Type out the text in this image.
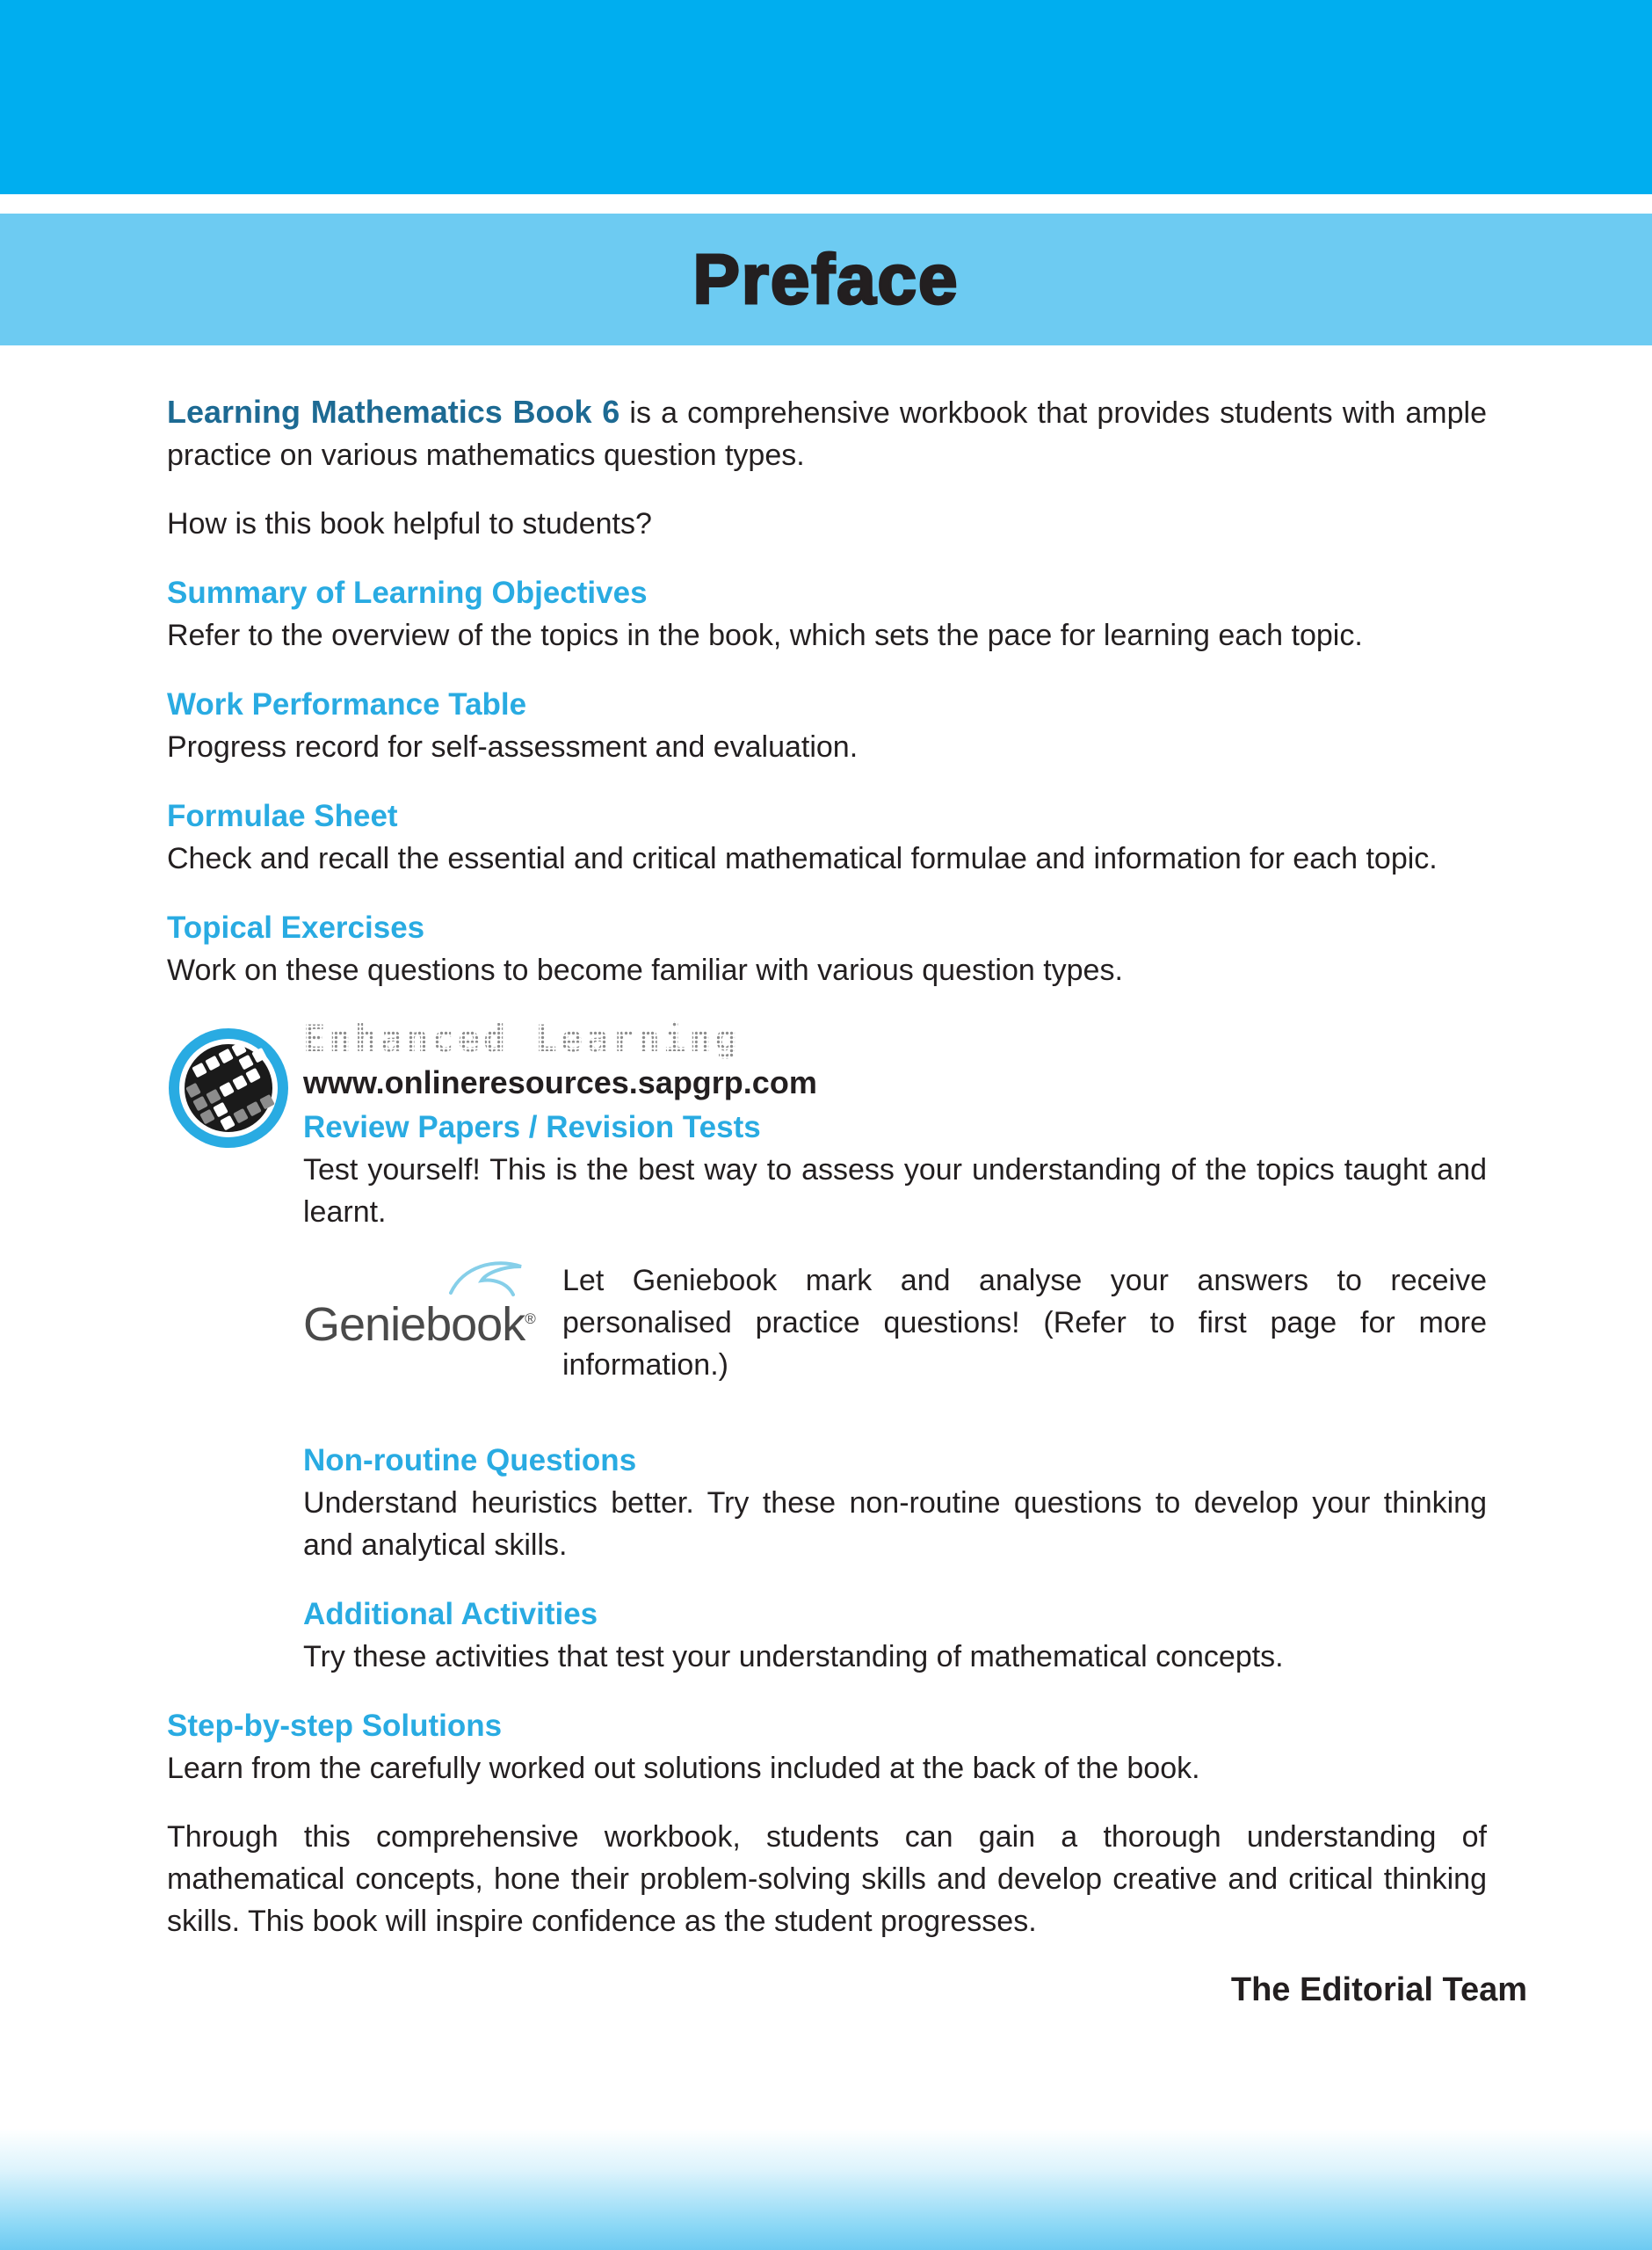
Preface

Learning Mathematics Book 6 is a comprehensive workbook that provides students with ample practice on various mathematics question types.

How is this book helpful to students?

Summary of Learning Objectives

Refer to the overview of the topics in the book, which sets the pace for learning each topic.

Work Performance Table

Progress record for self-assessment and evaluation.

Formulae Sheet

Check and recall the essential and critical mathematical formulae and information for each topic.

Topical Exercises

Work on these questions to become familiar with various question types.

Enhanced Learning
www.onlineresources.sapgrp.com
Review Papers / Revision Tests

Test yourself! This is the best way to assess your understanding of the topics taught and learnt.

Geniebook®

Let Geniebook mark and analyse your answers to receive personalised practice questions! (Refer to first page for more information.)

Non-routine Questions

Understand heuristics better. Try these non-routine questions to develop your thinking and analytical skills.

Additional Activities

Try these activities that test your understanding of mathematical concepts.

Step-by-step Solutions

Learn from the carefully worked out solutions included at the back of the book.

Through this comprehensive workbook, students can gain a thorough understanding of mathematical concepts, hone their problem-solving skills and develop creative and critical thinking skills. This book will inspire confidence as the student progresses.

The Editorial Team
